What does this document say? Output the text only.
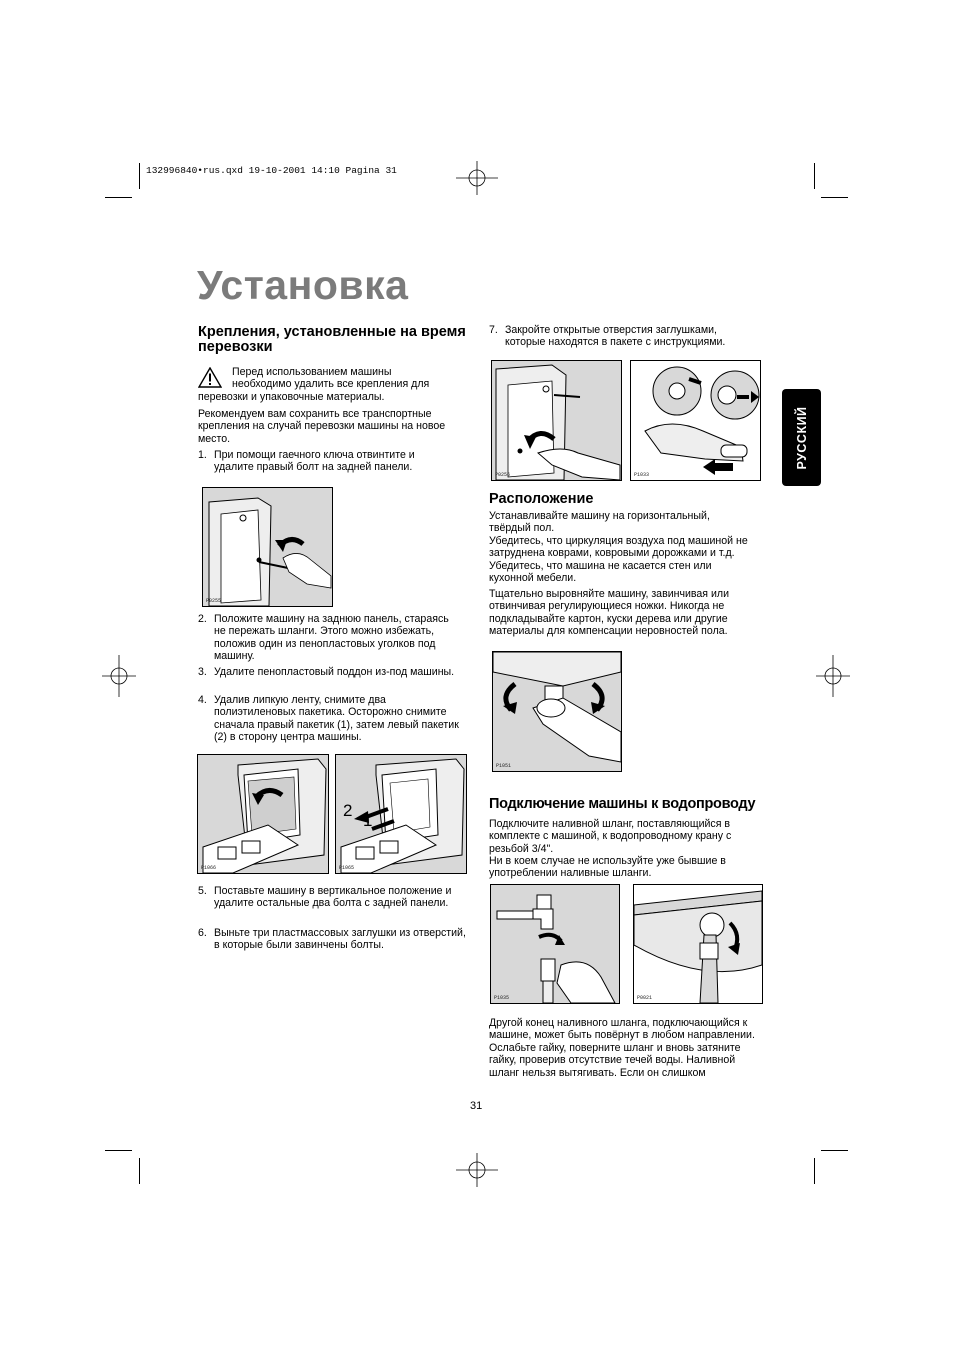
132996840•rus.qxd 19-10-2001 14:10 Pagina 31
Установка
РУССКИЙ
Крепления, установленные на время перевозки
Перед использованием машины
необходимо удалить все крепления для
перевозки и упаковочные материалы.
Рекомендуем вам сохранить все транспортные крепления на случай перевозки машины на новое место.
1. При помощи гаечного ключа отвинтите и удалите правый болт на задней панели.
P0255
2. Положите машину на заднюю панель, стараясь не пережать шланги. Этого можно избежать, положив один из пенопластовых уголков под машину.
3. Удалите пенопластовый поддон из-под машины.
4. Удалив липкую ленту, снимите два полиэтиленовых пакетика. Осторожно снимите сначала правый пакетик (1), затем левый пакетик (2) в сторону центра машины.
P1066
2
1
P1065
5. Поставьте машину в вертикальное положение и удалите остальные два болта с задней панели.
6. Выньте три пластмассовых заглушки из отверстий, в которые были завинчены болты.
7. Закройте открытые отверстия заглушками, которые находятся в пакете с инструкциями.
P0256	P1033
Расположение
Устанавливайте машину на горизонтальный, твёрдый пол.
Убедитесь, что циркуляция воздуха под машиной не затруднена коврами, ковровыми дорожками и т.д. Убедитесь, что машина не касается стен или кухонной мебели.
Тщательно выровняйте машину, завинчивая или отвинчивая регулирующиеся ножки. Никогда не подкладывайте картон, куски дерева или другие материалы для компенсации неровностей пола.
P1051
Подключение машины к водопроводу
Подключите наливной шланг, поставляющийся в комплекте с машиной, к водопроводному крану с резьбой 3/4".
Ни в коем случае не используйте уже бывшие в употреблении наливные шланги.
P1035	P0021
Другой конец наливного шланга, подключающийся к машине, может быть повёрнут в любом направлении. Ослабьте гайку, поверните шланг и вновь затяните гайку, проверив отсутствие течей воды. Наливной шланг нельзя вытягивать. Если он слишком
31
